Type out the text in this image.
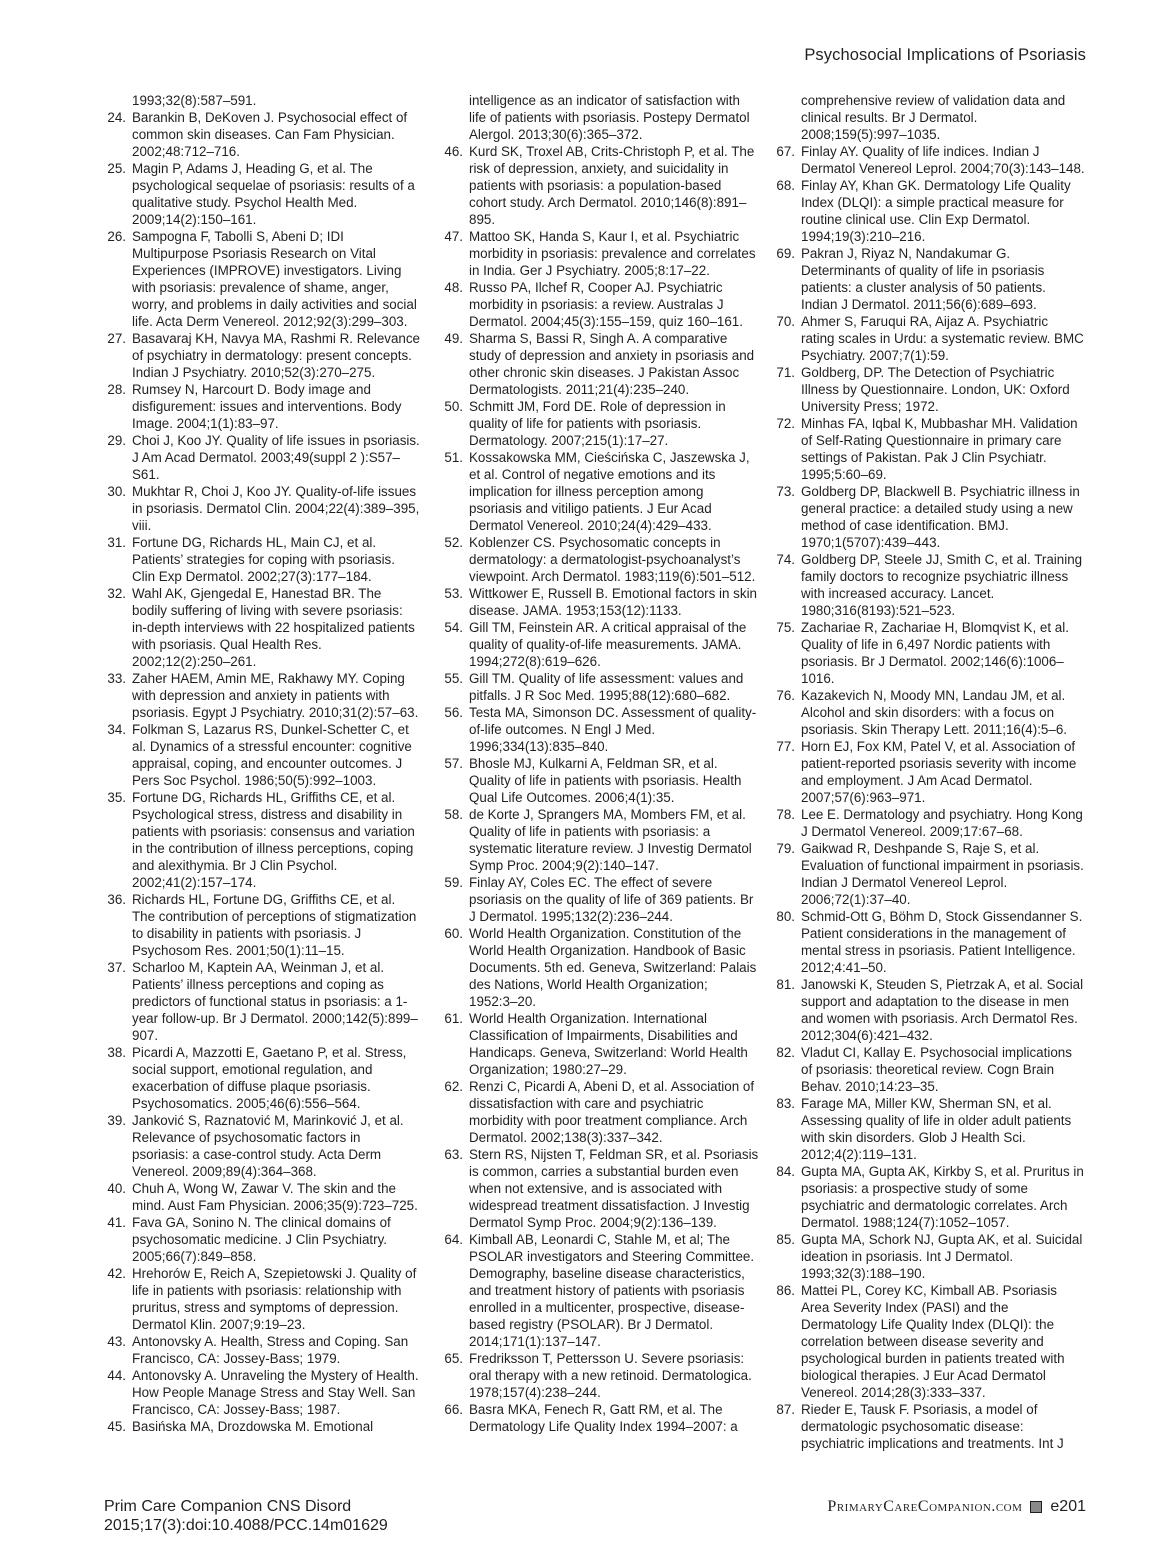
Psychosocial Implications of Psoriasis
1993;32(8):587–591.
24. Barankin B, DeKoven J. Psychosocial effect of common skin diseases. Can Fam Physician. 2002;48:712–716.
25. Magin P, Adams J, Heading G, et al. The psychological sequelae of psoriasis: results of a qualitative study. Psychol Health Med. 2009;14(2):150–161.
26. Sampogna F, Tabolli S, Abeni D; IDI Multipurpose Psoriasis Research on Vital Experiences (IMPROVE) investigators. Living with psoriasis: prevalence of shame, anger, worry, and problems in daily activities and social life. Acta Derm Venereol. 2012;92(3):299–303.
27. Basavaraj KH, Navya MA, Rashmi R. Relevance of psychiatry in dermatology: present concepts. Indian J Psychiatry. 2010;52(3):270–275.
28. Rumsey N, Harcourt D. Body image and disfigurement: issues and interventions. Body Image. 2004;1(1):83–97.
29. Choi J, Koo JY. Quality of life issues in psoriasis. J Am Acad Dermatol. 2003;49(suppl 2 ):S57–S61.
30. Mukhtar R, Choi J, Koo JY. Quality-of-life issues in psoriasis. Dermatol Clin. 2004;22(4):389–395, viii.
31. Fortune DG, Richards HL, Main CJ, et al. Patients’ strategies for coping with psoriasis. Clin Exp Dermatol. 2002;27(3):177–184.
32. Wahl AK, Gjengedal E, Hanestad BR. The bodily suffering of living with severe psoriasis: in-depth interviews with 22 hospitalized patients with psoriasis. Qual Health Res. 2002;12(2):250–261.
33. Zaher HAEM, Amin ME, Rakhawy MY. Coping with depression and anxiety in patients with psoriasis. Egypt J Psychiatry. 2010;31(2):57–63.
34. Folkman S, Lazarus RS, Dunkel-Schetter C, et al. Dynamics of a stressful encounter: cognitive appraisal, coping, and encounter outcomes. J Pers Soc Psychol. 1986;50(5):992–1003.
35. Fortune DG, Richards HL, Griffiths CE, et al. Psychological stress, distress and disability in patients with psoriasis: consensus and variation in the contribution of illness perceptions, coping and alexithymia. Br J Clin Psychol. 2002;41(2):157–174.
36. Richards HL, Fortune DG, Griffiths CE, et al. The contribution of perceptions of stigmatization to disability in patients with psoriasis. J Psychosom Res. 2001;50(1):11–15.
37. Scharloo M, Kaptein AA, Weinman J, et al. Patients’ illness perceptions and coping as predictors of functional status in psoriasis: a 1-year follow-up. Br J Dermatol. 2000;142(5):899–907.
38. Picardi A, Mazzotti E, Gaetano P, et al. Stress, social support, emotional regulation, and exacerbation of diffuse plaque psoriasis. Psychosomatics. 2005;46(6):556–564.
39. Janković S, Raznatović M, Marinković J, et al. Relevance of psychosomatic factors in psoriasis: a case-control study. Acta Derm Venereol. 2009;89(4):364–368.
40. Chuh A, Wong W, Zawar V. The skin and the mind. Aust Fam Physician. 2006;35(9):723–725.
41. Fava GA, Sonino N. The clinical domains of psychosomatic medicine. J Clin Psychiatry. 2005;66(7):849–858.
42. Hrehorów E, Reich A, Szepietowski J. Quality of life in patients with psoriasis: relationship with pruritus, stress and symptoms of depression. Dermatol Klin. 2007;9:19–23.
43. Antonovsky A. Health, Stress and Coping. San Francisco, CA: Jossey-Bass; 1979.
44. Antonovsky A. Unraveling the Mystery of Health. How People Manage Stress and Stay Well. San Francisco, CA: Jossey-Bass; 1987.
45. Basińska MA, Drozdowska M. Emotional
intelligence as an indicator of satisfaction with life of patients with psoriasis. Postepy Dermatol Alergol. 2013;30(6):365–372.
46. Kurd SK, Troxel AB, Crits-Christoph P, et al. The risk of depression, anxiety, and suicidality in patients with psoriasis: a population-based cohort study. Arch Dermatol. 2010;146(8):891–895.
47. Mattoo SK, Handa S, Kaur I, et al. Psychiatric morbidity in psoriasis: prevalence and correlates in India. Ger J Psychiatry. 2005;8:17–22.
48. Russo PA, Ilchef R, Cooper AJ. Psychiatric morbidity in psoriasis: a review. Australas J Dermatol. 2004;45(3):155–159, quiz 160–161.
49. Sharma S, Bassi R, Singh A. A comparative study of depression and anxiety in psoriasis and other chronic skin diseases. J Pakistan Assoc Dermatologists. 2011;21(4):235–240.
50. Schmitt JM, Ford DE. Role of depression in quality of life for patients with psoriasis. Dermatology. 2007;215(1):17–27.
51. Kossakowska MM, Cieścińska C, Jaszewska J, et al. Control of negative emotions and its implication for illness perception among psoriasis and vitiligo patients. J Eur Acad Dermatol Venereol. 2010;24(4):429–433.
52. Koblenzer CS. Psychosomatic concepts in dermatology: a dermatologist-psychoanalyst’s viewpoint. Arch Dermatol. 1983;119(6):501–512.
53. Wittkower E, Russell B. Emotional factors in skin disease. JAMA. 1953;153(12):1133.
54. Gill TM, Feinstein AR. A critical appraisal of the quality of quality-of-life measurements. JAMA. 1994;272(8):619–626.
55. Gill TM. Quality of life assessment: values and pitfalls. J R Soc Med. 1995;88(12):680–682.
56. Testa MA, Simonson DC. Assessment of quality-of-life outcomes. N Engl J Med. 1996;334(13):835–840.
57. Bhosle MJ, Kulkarni A, Feldman SR, et al. Quality of life in patients with psoriasis. Health Qual Life Outcomes. 2006;4(1):35.
58. de Korte J, Sprangers MA, Mombers FM, et al. Quality of life in patients with psoriasis: a systematic literature review. J Investig Dermatol Symp Proc. 2004;9(2):140–147.
59. Finlay AY, Coles EC. The effect of severe psoriasis on the quality of life of 369 patients. Br J Dermatol. 1995;132(2):236–244.
60. World Health Organization. Constitution of the World Health Organization. Handbook of Basic Documents. 5th ed. Geneva, Switzerland: Palais des Nations, World Health Organization; 1952:3–20.
61. World Health Organization. International Classification of Impairments, Disabilities and Handicaps. Geneva, Switzerland: World Health Organization; 1980:27–29.
62. Renzi C, Picardi A, Abeni D, et al. Association of dissatisfaction with care and psychiatric morbidity with poor treatment compliance. Arch Dermatol. 2002;138(3):337–342.
63. Stern RS, Nijsten T, Feldman SR, et al. Psoriasis is common, carries a substantial burden even when not extensive, and is associated with widespread treatment dissatisfaction. J Investig Dermatol Symp Proc. 2004;9(2):136–139.
64. Kimball AB, Leonardi C, Stahle M, et al; The PSOLAR investigators and Steering Committee. Demography, baseline disease characteristics, and treatment history of patients with psoriasis enrolled in a multicenter, prospective, disease-based registry (PSOLAR). Br J Dermatol. 2014;171(1):137–147.
65. Fredriksson T, Pettersson U. Severe psoriasis: oral therapy with a new retinoid. Dermatologica. 1978;157(4):238–244.
66. Basra MKA, Fenech R, Gatt RM, et al. The Dermatology Life Quality Index 1994–2007: a
comprehensive review of validation data and clinical results. Br J Dermatol. 2008;159(5):997–1035.
67. Finlay AY. Quality of life indices. Indian J Dermatol Venereol Leprol. 2004;70(3):143–148.
68. Finlay AY, Khan GK. Dermatology Life Quality Index (DLQI): a simple practical measure for routine clinical use. Clin Exp Dermatol. 1994;19(3):210–216.
69. Pakran J, Riyaz N, Nandakumar G. Determinants of quality of life in psoriasis patients: a cluster analysis of 50 patients. Indian J Dermatol. 2011;56(6):689–693.
70. Ahmer S, Faruqui RA, Aijaz A. Psychiatric rating scales in Urdu: a systematic review. BMC Psychiatry. 2007;7(1):59.
71. Goldberg, DP. The Detection of Psychiatric Illness by Questionnaire. London, UK: Oxford University Press; 1972.
72. Minhas FA, Iqbal K, Mubbashar MH. Validation of Self-Rating Questionnaire in primary care settings of Pakistan. Pak J Clin Psychiatr. 1995;5:60–69.
73. Goldberg DP, Blackwell B. Psychiatric illness in general practice: a detailed study using a new method of case identification. BMJ. 1970;1(5707):439–443.
74. Goldberg DP, Steele JJ, Smith C, et al. Training family doctors to recognize psychiatric illness with increased accuracy. Lancet. 1980;316(8193):521–523.
75. Zachariae R, Zachariae H, Blomqvist K, et al. Quality of life in 6,497 Nordic patients with psoriasis. Br J Dermatol. 2002;146(6):1006–1016.
76. Kazakevich N, Moody MN, Landau JM, et al. Alcohol and skin disorders: with a focus on psoriasis. Skin Therapy Lett. 2011;16(4):5–6.
77. Horn EJ, Fox KM, Patel V, et al. Association of patient-reported psoriasis severity with income and employment. J Am Acad Dermatol. 2007;57(6):963–971.
78. Lee E. Dermatology and psychiatry. Hong Kong J Dermatol Venereol. 2009;17:67–68.
79. Gaikwad R, Deshpande S, Raje S, et al. Evaluation of functional impairment in psoriasis. Indian J Dermatol Venereol Leprol. 2006;72(1):37–40.
80. Schmid-Ott G, Böhm D, Stock Gissendanner S. Patient considerations in the management of mental stress in psoriasis. Patient Intelligence. 2012;4:41–50.
81. Janowski K, Steuden S, Pietrzak A, et al. Social support and adaptation to the disease in men and women with psoriasis. Arch Dermatol Res. 2012;304(6):421–432.
82. Vladut CI, Kallay E. Psychosocial implications of psoriasis: theoretical review. Cogn Brain Behav. 2010;14:23–35.
83. Farage MA, Miller KW, Sherman SN, et al. Assessing quality of life in older adult patients with skin disorders. Glob J Health Sci. 2012;4(2):119–131.
84. Gupta MA, Gupta AK, Kirkby S, et al. Pruritus in psoriasis: a prospective study of some psychiatric and dermatologic correlates. Arch Dermatol. 1988;124(7):1052–1057.
85. Gupta MA, Schork NJ, Gupta AK, et al. Suicidal ideation in psoriasis. Int J Dermatol. 1993;32(3):188–190.
86. Mattei PL, Corey KC, Kimball AB. Psoriasis Area Severity Index (PASI) and the Dermatology Life Quality Index (DLQI): the correlation between disease severity and psychological burden in patients treated with biological therapies. J Eur Acad Dermatol Venereol. 2014;28(3):333–337.
87. Rieder E, Tausk F. Psoriasis, a model of dermatologic psychosomatic disease: psychiatric implications and treatments. Int J
Prim Care Companion CNS Disord
2015;17(3):doi:10.4088/PCC.14m01629
PrimaryCareCompanion.com e201
